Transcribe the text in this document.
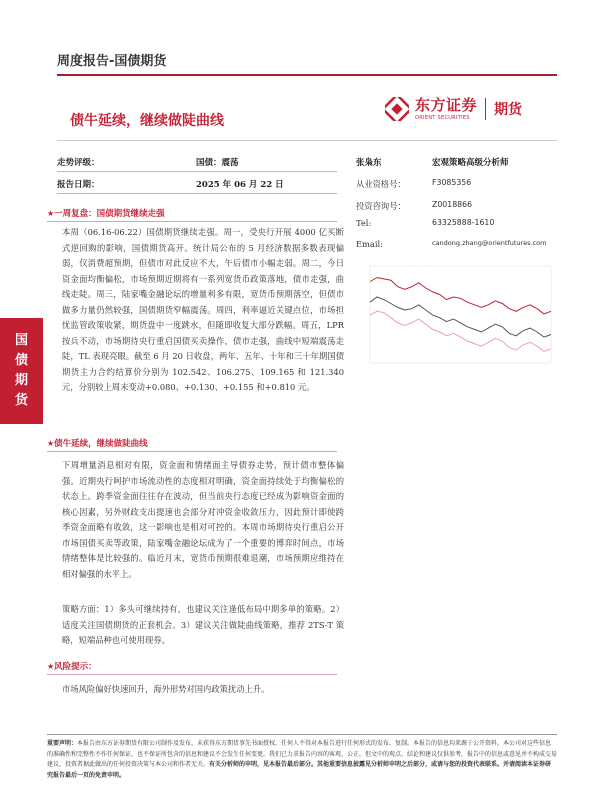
周度报告-国债期货
东方证券
ORIENT SECURITIES	期货
债牛延续，继续做陡曲线
国
债
期
货
走势评级：	国债：震荡
报告日期：	2025 年 06 月 22 日
张枭东	宏观策略高级分析师
从业资格号：	F3085356
投资咨询号：	Z0018866
Tel:	63325888-1610
Email:	candong.zhang@orientfutures.com
★一周复盘：国债期货继续走强
本周（06.16-06.22）国债期货继续走强。周一，受央行开展 4000 亿买断式逆回购的影响，国债期货高开。统计局公布的 5 月经济数据多数表现偏弱，仅消费超预期，但债市对此反应不大，午后债市小幅走弱。周二，今日资金面均衡偏松，市场预期近期将有一系列宽货币政策落地，债市走强，曲线走陡。周三，陆家嘴金融论坛的增量利多有限，宽货币预期落空，但债市做多力量仍然较强，国债期货窄幅震荡。周四，利率逼近关键点位，市场担忧监管政策收紧，期货盘中一度跳水，但随即收复大部分跌幅。周五，LPR 按兵不动，市场期待央行重启国债买卖操作，债市走强，曲线中短端震荡走陡，TL 表现亮眼。截至 6 月 20 日收盘，两年、五年、十年和三十年期国债期货主力合约结算价分别为 102.542、106.275、109.165 和 121.340 元，分别较上周末变动+0.080、+0.130、+0.155 和+0.810 元。
★债牛延续，继续做陡曲线
下周增量消息相对有限，资金面和情绪面主导债券走势，预计债市整体偏强。近期央行呵护市场流动性的态度相对明确，资金面持续处于均衡偏松的状态上。跨季资金面往往存在波动，但当前央行态度已经成为影响资金面的核心因素，另外财政支出提速也会部分对冲资金收敛压力，因此预计即使跨季资金面略有收敛，这一影响也是相对可控的。本周市场期待央行重启公开市场国债买卖等政策，陆家嘴金融论坛成为了一个重要的博弈时间点，市场情绪整体是比较强的。临近月末，宽货币预期很难退潮，市场预期应维持在相对偏强的水平上。
策略方面：1）多头可继续持有，也建议关注逢低布局中期多单的策略。2）适度关注国债期货的正套机会。3）建议关注做陡曲线策略，推荐 2TS-T 策略，短端品种也可使用现券。
★风险提示：
市场风险偏好快速回升，海外形势对国内政策扰动上升。
重要声明：本报告由东方证券期货有限公司制作及发布，未获得东方期货事先书面授权，任何人不得对本报告进行任何形式的发布、复制。本报告的信息均来源于公开资料，本公司对这些信息的准确性和完整性不作任何保证，也不保证所包含的信息和建议不会发生任何变更。我们已力求报告内容的客观、公正，但文中的观点、结论和建议仅供参考，报告中的信息或意见并不构成交易建议，投资者据此做出的任何投资决策与本公司和作者无关。有关分析师的申明，见本报告最后部分。其他重要信息披露见分析师申明之后部分，或请与您的投资代表联系。并请阅读本证券研究报告最后一页的免责申明。
